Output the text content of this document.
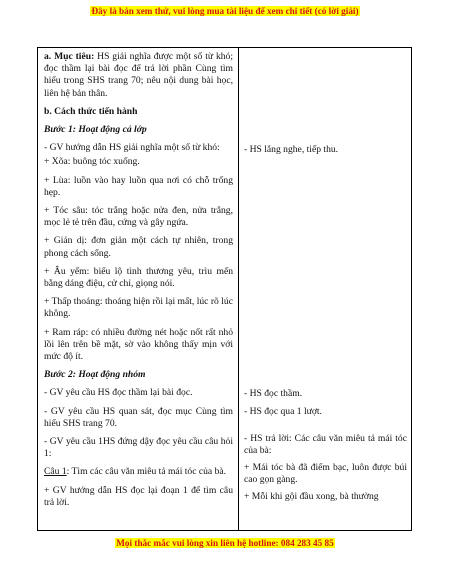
Đây là bản xem thử, vui lòng mua tài liệu để xem chi tiết (có lời giải)

a. Mục tiêu: HS giải nghĩa được một số từ khó; đọc thầm lại bài đọc để trả lời phần Cùng tìm hiểu trong SHS trang 70; nêu nội dung bài học, liên hệ bản thân.

b. Cách thức tiến hành

Bước 1: Hoạt động cả lớp

- GV hướng dẫn HS giải nghĩa một số từ khó:

+ Xõa: buông tóc xuống.

+ Lùa: luồn vào hay luồn qua nơi có chỗ trống hẹp.

+ Tóc sâu: tóc trắng hoặc nửa đen, nửa trắng, mọc lẻ tẻ trên đầu, cứng và gây ngứa.

+ Giản dị: đơn giản một cách tự nhiên, trong phong cách sống.

+ Âu yếm: biểu lộ tình thương yêu, trìu mến bằng dáng điệu, cử chỉ, giọng nói.

+ Thấp thoáng: thoáng hiện rồi lại mất, lúc rõ lúc không.

+ Ram ráp: có nhiều đường nét hoặc nốt rất nhỏ lồi lên trên bề mặt, sờ vào không thấy mịn với mức độ ít.

Bước 2: Hoạt động nhóm

- GV yêu cầu HS đọc thầm lại bài đọc.

- GV yêu cầu HS quan sát, đọc mục Cùng tìm hiểu SHS trang 70.

- GV yêu cầu 1HS đứng dậy đọc yêu cầu câu hỏi 1:

Câu 1: Tìm các câu văn miêu tả mái tóc của bà.

+ GV hướng dẫn HS đọc lại đoạn 1 để tìm câu trả lời.

- HS lắng nghe, tiếp thu.

- HS đọc thầm.

- HS đọc qua 1 lượt.

- HS trả lời: Các câu văn miêu tả mái tóc của bà:

+ Mái tóc bà đã điểm bạc, luôn được búi cao gọn gàng.

+ Mỗi khi gội đầu xong, bà thường

Mọi thắc mắc vui lòng xin liên hệ hotline: 084 283 45 85
